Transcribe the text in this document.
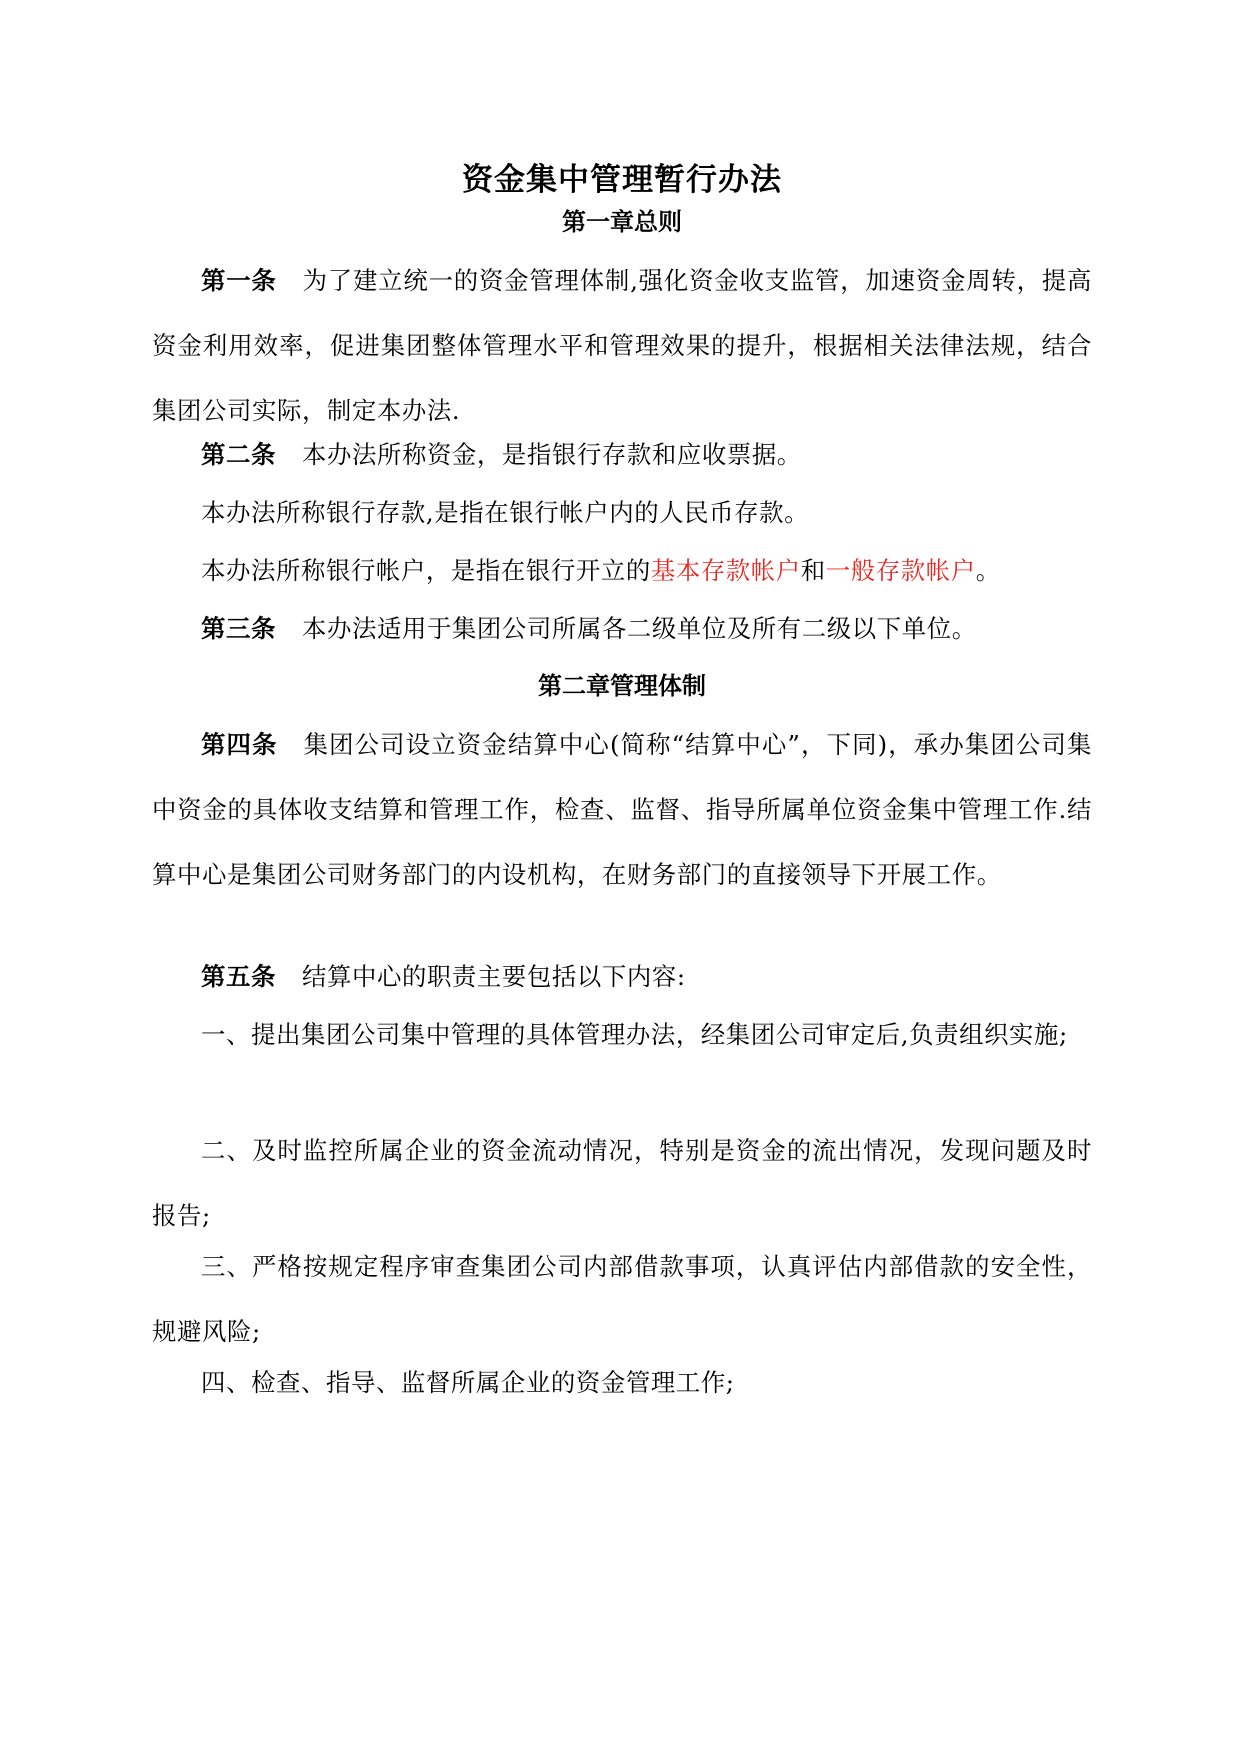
资金集中管理暂行办法
第一章总则

第一条 为了建立统一的资金管理体制,强化资金收支监管，加速资金周转，提高资金利用效率，促进集团整体管理水平和管理效果的提升，根据相关法律法规，结合集团公司实际，制定本办法.

第二条 本办法所称资金，是指银行存款和应收票据。

本办法所称银行存款,是指在银行帐户内的人民币存款。

本办法所称银行帐户，是指在银行开立的基本存款帐户和一般存款帐户。

第三条 本办法适用于集团公司所属各二级单位及所有二级以下单位。

第二章管理体制

第四条 集团公司设立资金结算中心(简称“结算中心”，下同)，承办集团公司集中资金的具体收支结算和管理工作，检查、监督、指导所属单位资金集中管理工作.结算中心是集团公司财务部门的内设机构，在财务部门的直接领导下开展工作。

第五条 结算中心的职责主要包括以下内容:

一、提出集团公司集中管理的具体管理办法，经集团公司审定后,负责组织实施;

二、及时监控所属企业的资金流动情况，特别是资金的流出情况，发现问题及时报告;

三、严格按规定程序审查集团公司内部借款事项，认真评估内部借款的安全性，规避风险;

四、检查、指导、监督所属企业的资金管理工作;
